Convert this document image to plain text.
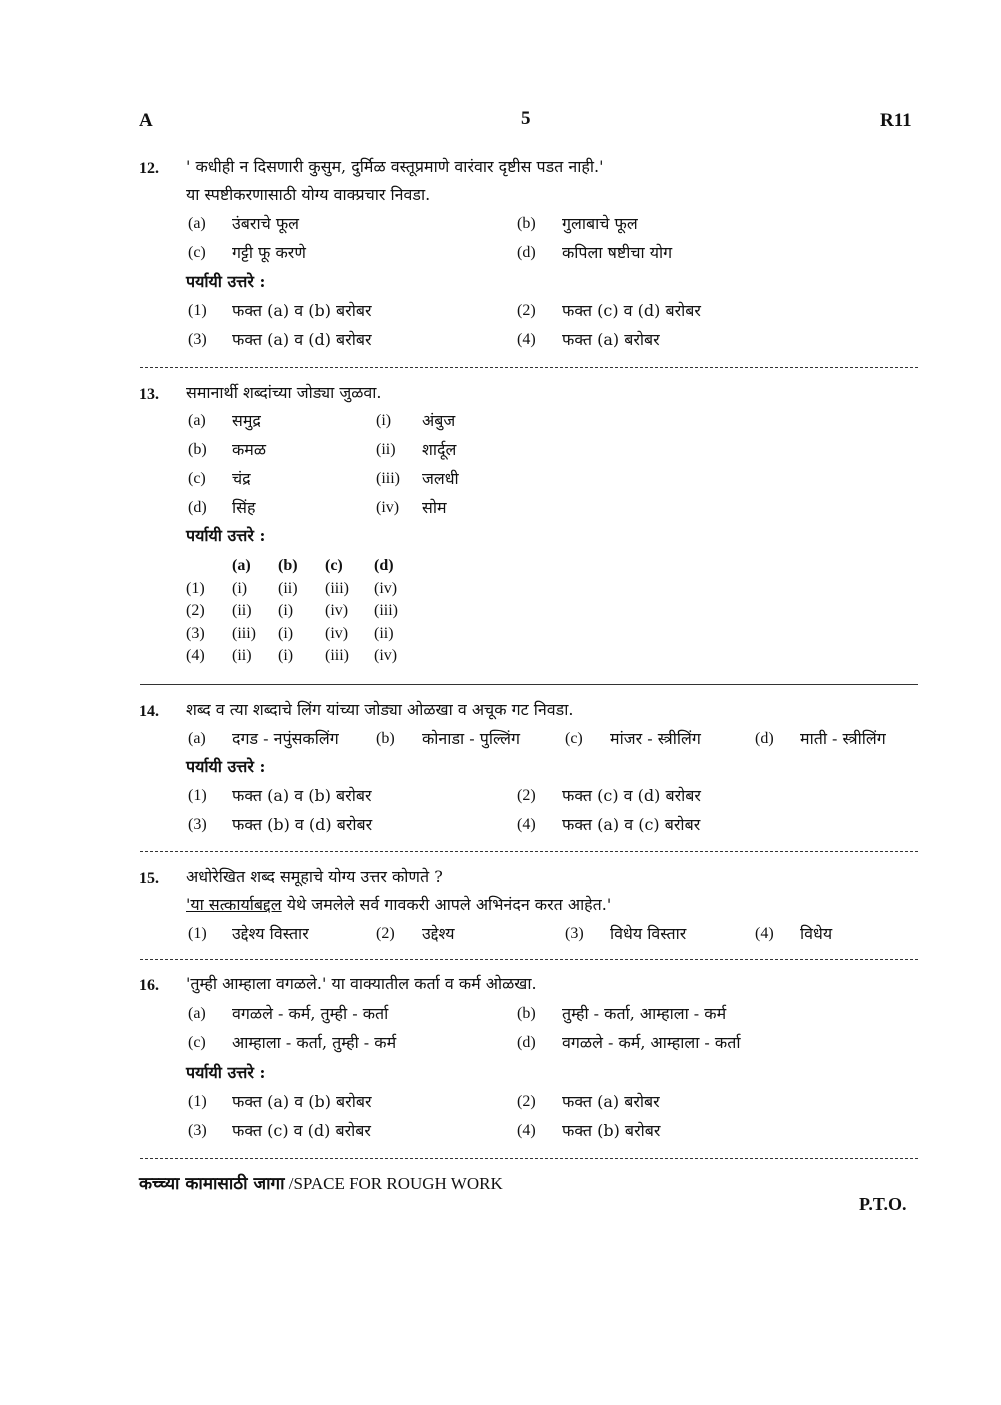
A	5	R11
12. ' कधीही न दिसणारी कुसुम, दुर्मिळ वस्तूप्रमाणे वारंवार दृष्टीस पडत नाही.'
या स्पष्टीकरणासाठी योग्य वाक्प्रचार निवडा.
(a) उंबराचे फूल	(b) गुलाबाचे फूल
(c) गट्टी फू करणे	(d) कपिला षष्टीचा योग
पर्यायी उत्तरे :
(1) फक्त (a) व (b) बरोबर	(2) फक्त (c) व (d) बरोबर
(3) फक्त (a) व (d) बरोबर	(4) फक्त (a) बरोबर
13. समानार्थी शब्दांच्या जोड्या जुळवा.
(a) समुद्र	(i) अंबुज
(b) कमळ	(ii) शार्दूल
(c) चंद्र	(iii) जलधी
(d) सिंह	(iv) सोम
पर्यायी उत्तरे :
	(a)	(b)	(c)	(d)
(1)	(i)	(ii)	(iii)	(iv)
(2)	(ii)	(i)	(iv)	(iii)
(3)	(iii)	(i)	(iv)	(ii)
(4)	(ii)	(i)	(iii)	(iv)
14. शब्द व त्या शब्दाचे लिंग यांच्या जोड्या ओळखा व अचूक गट निवडा.
(a) दगड - नपुंसकलिंग (b) कोनाडा - पुल्लिंग	(c) मांजर - स्त्रीलिंग	(d) माती - स्त्रीलिंग
पर्यायी उत्तरे :
(1) फक्त (a) व (b) बरोबर	(2) फक्त (c) व (d) बरोबर
(3) फक्त (b) व (d) बरोबर	(4) फक्त (a) व (c) बरोबर
15. अधोरेखित शब्द समूहाचे योग्य उत्तर कोणते ?
'या सत्कार्याबद्दल येथे जमलेले सर्व गावकरी आपले अभिनंदन करत आहेत.'
(1) उद्देश्य विस्तार	(2) उद्देश्य	(3) विधेय विस्तार	(4) विधेय
16. 'तुम्ही आम्हाला वगळले.' या वाक्यातील कर्ता व कर्म ओळखा.
(a) वगळले - कर्म, तुम्ही - कर्ता	(b) तुम्ही - कर्ता, आम्हाला - कर्म
(c) आम्हाला - कर्ता, तुम्ही - कर्म	(d) वगळले - कर्म, आम्हाला - कर्ता
पर्यायी उत्तरे :
(1) फक्त (a) व (b) बरोबर	(2) फक्त (a) बरोबर
(3) फक्त (c) व (d) बरोबर	(4) फक्त (b) बरोबर
कच्च्या कामासाठी जागा /SPACE FOR ROUGH WORK
P.T.O.
